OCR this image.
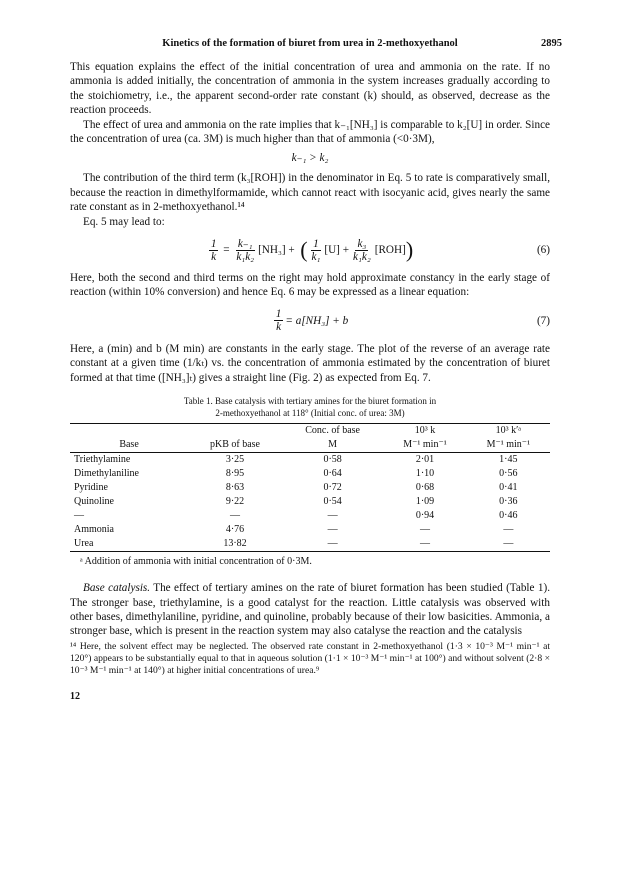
Kinetics of the formation of biuret from urea in 2-methoxyethanol	2895

This equation explains the effect of the initial concentration of urea and ammonia on the rate. If no ammonia is added initially, the concentration of ammonia in the system increases gradually according to the stoichiometry, i.e., the apparent second-order rate constant (k) should, as observed, decrease as the reaction proceeds.

The effect of urea and ammonia on the rate implies that k₋₁[NH₃] is comparable to k₂[U] in order. Since the concentration of urea (ca. 3M) is much higher than that of ammonia (<0·3M),

k₋₁ > k₂

The contribution of the third term (k₃[ROH]) in the denominator in Eq. 5 to rate is comparatively small, because the reaction in dimethylformamide, which cannot react with isocyanic acid, gives nearly the same rate constant as in 2-methoxyethanol.¹⁴

Eq. 5 may lead to:

$\frac{1}{k} = \frac{\text{k₋₁}}{\text{k₁k₂}} [NH_3]$ + ( $\frac{1}{\text{k₁}} [U] + \frac{\text{k₃}}{\text{k₁k₂}} [ROH]$ )	(6)

Here, both the second and third terms on the right may hold approximate constancy in the early stage of reaction (within 10% conversion) and hence Eq. 6 may be expressed as a linear equation:

$\frac{1}{k} = a[NH_3] + b$	(7)

Here, a (min) and b (M min) are constants in the early stage. The plot of the reverse of an average rate constant at a given time (1/kₜ) vs. the concentration of ammonia estimated by the concentration of biuret formed at that time ([NH₃]ₜ) gives a straight line (Fig. 2) as expected from Eq. 7.

Table 1. Base catalysis with tertiary amines for the biuret formation in
2-methoxyethanol at 118° (Initial conc. of urea: 3M)
		Conc. of base	10³ k	10³ k′ᵃ
Base	pKB of base	M	M⁻¹ min⁻¹	M⁻¹ min⁻¹
Triethylamine	3·25	0·58	2·01	1·45
Dimethylaniline	8·95	0·64	1·10	0·56
Pyridine	8·63	0·72	0·68	0·41
Quinoline	9·22	0·54	1·09	0·36
—	—	—	0·94	0·46
Ammonia	4·76	—	—	—
Urea	13·82	—	—	—
ᵃ Addition of ammonia with initial concentration of 0·3M.

Base catalysis. The effect of tertiary amines on the rate of biuret formation has been studied (Table 1). The stronger base, triethylamine, is a good catalyst for the reaction. Little catalysis was observed with other bases, dimethylaniline, pyridine, and quinoline, probably because of their low basicities. Ammonia, a stronger base, which is present in the reaction system may also catalyse the reaction and the catalysis

¹⁴ Here, the solvent effect may be neglected. The observed rate constant in 2-methoxyethanol (1·3 × 10⁻³ M⁻¹ min⁻¹ at 120°) appears to be substantially equal to that in aqueous solution (1·1 × 10⁻³ M⁻¹ min⁻¹ at 100°) and without solvent (2·8 × 10⁻³ M⁻¹ min⁻¹ at 140°) at higher initial concentrations of urea.⁹
12
